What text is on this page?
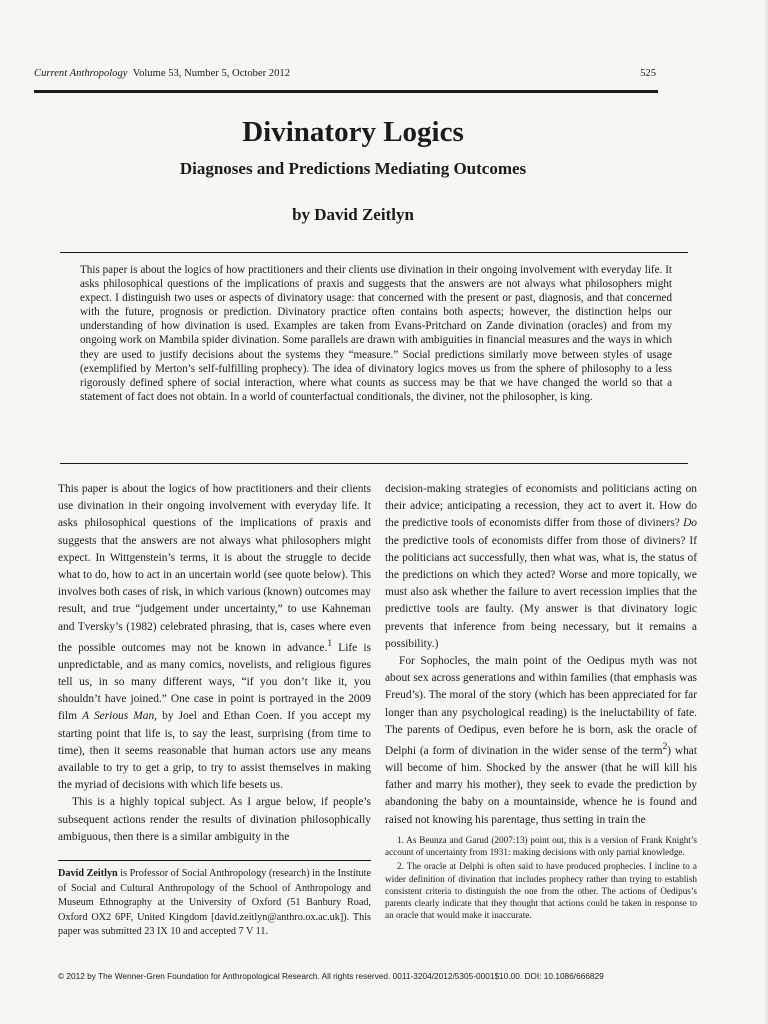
Current Anthropology Volume 53, Number 5, October 2012	525
Divinatory Logics
Diagnoses and Predictions Mediating Outcomes
by David Zeitlyn

This paper is about the logics of how practitioners and their clients use divination in their ongoing involvement with everyday life. It asks philosophical questions of the implications of praxis and suggests that the answers are not always what philosophers might expect. I distinguish two uses or aspects of divinatory usage: that concerned with the present or past, diagnosis, and that concerned with the future, prognosis or prediction. Divinatory practice often contains both aspects; however, the distinction helps our understanding of how divination is used. Examples are taken from Evans-Pritchard on Zande divination (oracles) and from my ongoing work on Mambila spider divination. Some parallels are drawn with ambiguities in financial measures and the ways in which they are used to justify decisions about the systems they “measure.” Social predictions similarly move between styles of usage (exemplified by Merton’s self-fulfilling prophecy). The idea of divinatory logics moves us from the sphere of philosophy to a less rigorously defined sphere of social interaction, where what counts as success may be that we have changed the world so that a statement of fact does not obtain. In a world of counterfactual conditionals, the diviner, not the philosopher, is king.

This paper is about the logics of how practitioners and their clients use divination in their ongoing involvement with everyday life. It asks philosophical questions of the implications of praxis and suggests that the answers are not always what philosophers might expect. In Wittgenstein’s terms, it is about the struggle to decide what to do, how to act in an uncertain world (see quote below). This involves both cases of risk, in which various (known) outcomes may result, and true “judgement under uncertainty,” to use Kahneman and Tversky’s (1982) celebrated phrasing, that is, cases where even the possible outcomes may not be known in advance.$^1$ Life is unpredictable, and as many comics, novelists, and religious figures tell us, in so many different ways, “if you don’t like it, you shouldn’t have joined.” One case in point is portrayed in the 2009 film A Serious Man, by Joel and Ethan Coen. If you accept my starting point that life is, to say the least, surprising (from time to time), then it seems reasonable that human actors use any means available to try to get a grip, to try to assist themselves in making the myriad of decisions with which life besets us.

This is a highly topical subject. As I argue below, if people’s subsequent actions render the results of divination philosophically ambiguous, then there is a similar ambiguity in the

decision-making strategies of economists and politicians acting on their advice; anticipating a recession, they act to avert it. How do the predictive tools of economists differ from those of diviners? Do the predictive tools of economists differ from those of diviners? If the politicians act successfully, then what was, what is, the status of the predictions on which they acted? Worse and more topically, we must also ask whether the failure to avert recession implies that the predictive tools are faulty. (My answer is that divinatory logic prevents that inference from being necessary, but it remains a possibility.)

For Sophocles, the main point of the Oedipus myth was not about sex across generations and within families (that emphasis was Freud’s). The moral of the story (which has been appreciated for far longer than any psychological reading) is the ineluctability of fate. The parents of Oedipus, even before he is born, ask the oracle of Delphi (a form of divination in the wider sense of the term$^2$) what will become of him. Shocked by the answer (that he will kill his father and marry his mother), they seek to evade the prediction by abandoning the baby on a mountainside, whence he is found and raised not knowing his parentage, thus setting in train the

David Zeitlyn is Professor of Social Anthropology (research) in the Institute of Social and Cultural Anthropology of the School of Anthropology and Museum Ethnography at the University of Oxford (51 Banbury Road, Oxford OX2 6PF, United Kingdom [david.zeitlyn@anthro.ox.ac.uk]). This paper was submitted 23 IX 10 and accepted 7 V 11.

1. As Beunza and Garud (2007:13) point out, this is a version of Frank Knight’s account of uncertainty from 1931: making decisions with only partial knowledge.

2. The oracle at Delphi is often said to have produced prophecies. I incline to a wider definition of divination that includes prophecy rather than trying to establish consistent criteria to distinguish the one from the other. The actions of Oedipus’s parents clearly indicate that they thought that actions could be taken in response to an oracle that would make it inaccurate.

© 2012 by The Wenner-Gren Foundation for Anthropological Research. All rights reserved. 0011-3204/2012/5305-0001$10.00. DOI: 10.1086/666829
